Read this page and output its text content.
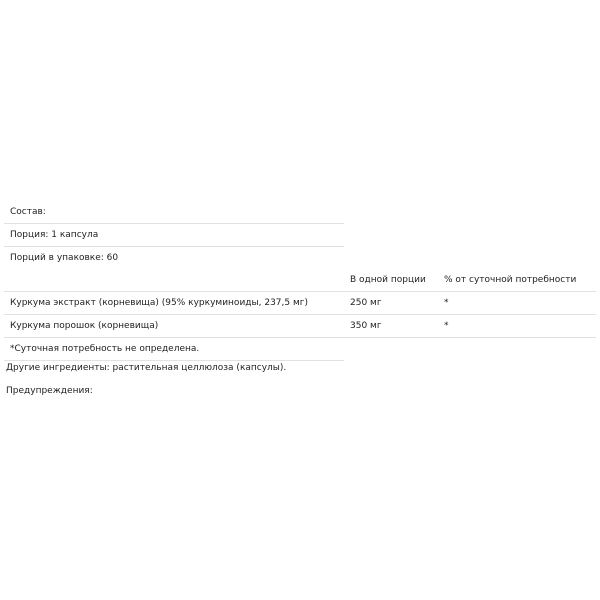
Состав:		
Порция: 1 капсула		
Порций в упаковке: 60		
	В одной порции	% от суточной потребности
Куркума экстракт (корневища) (95% куркуминоиды, 237,5 мг)	250 мг	*
Куркума порошок (корневища)	350 мг	*
*Суточная потребность не определена.		
Другие ингредиенты: растительная целлюлоза (капсулы).
Предупреждения:
